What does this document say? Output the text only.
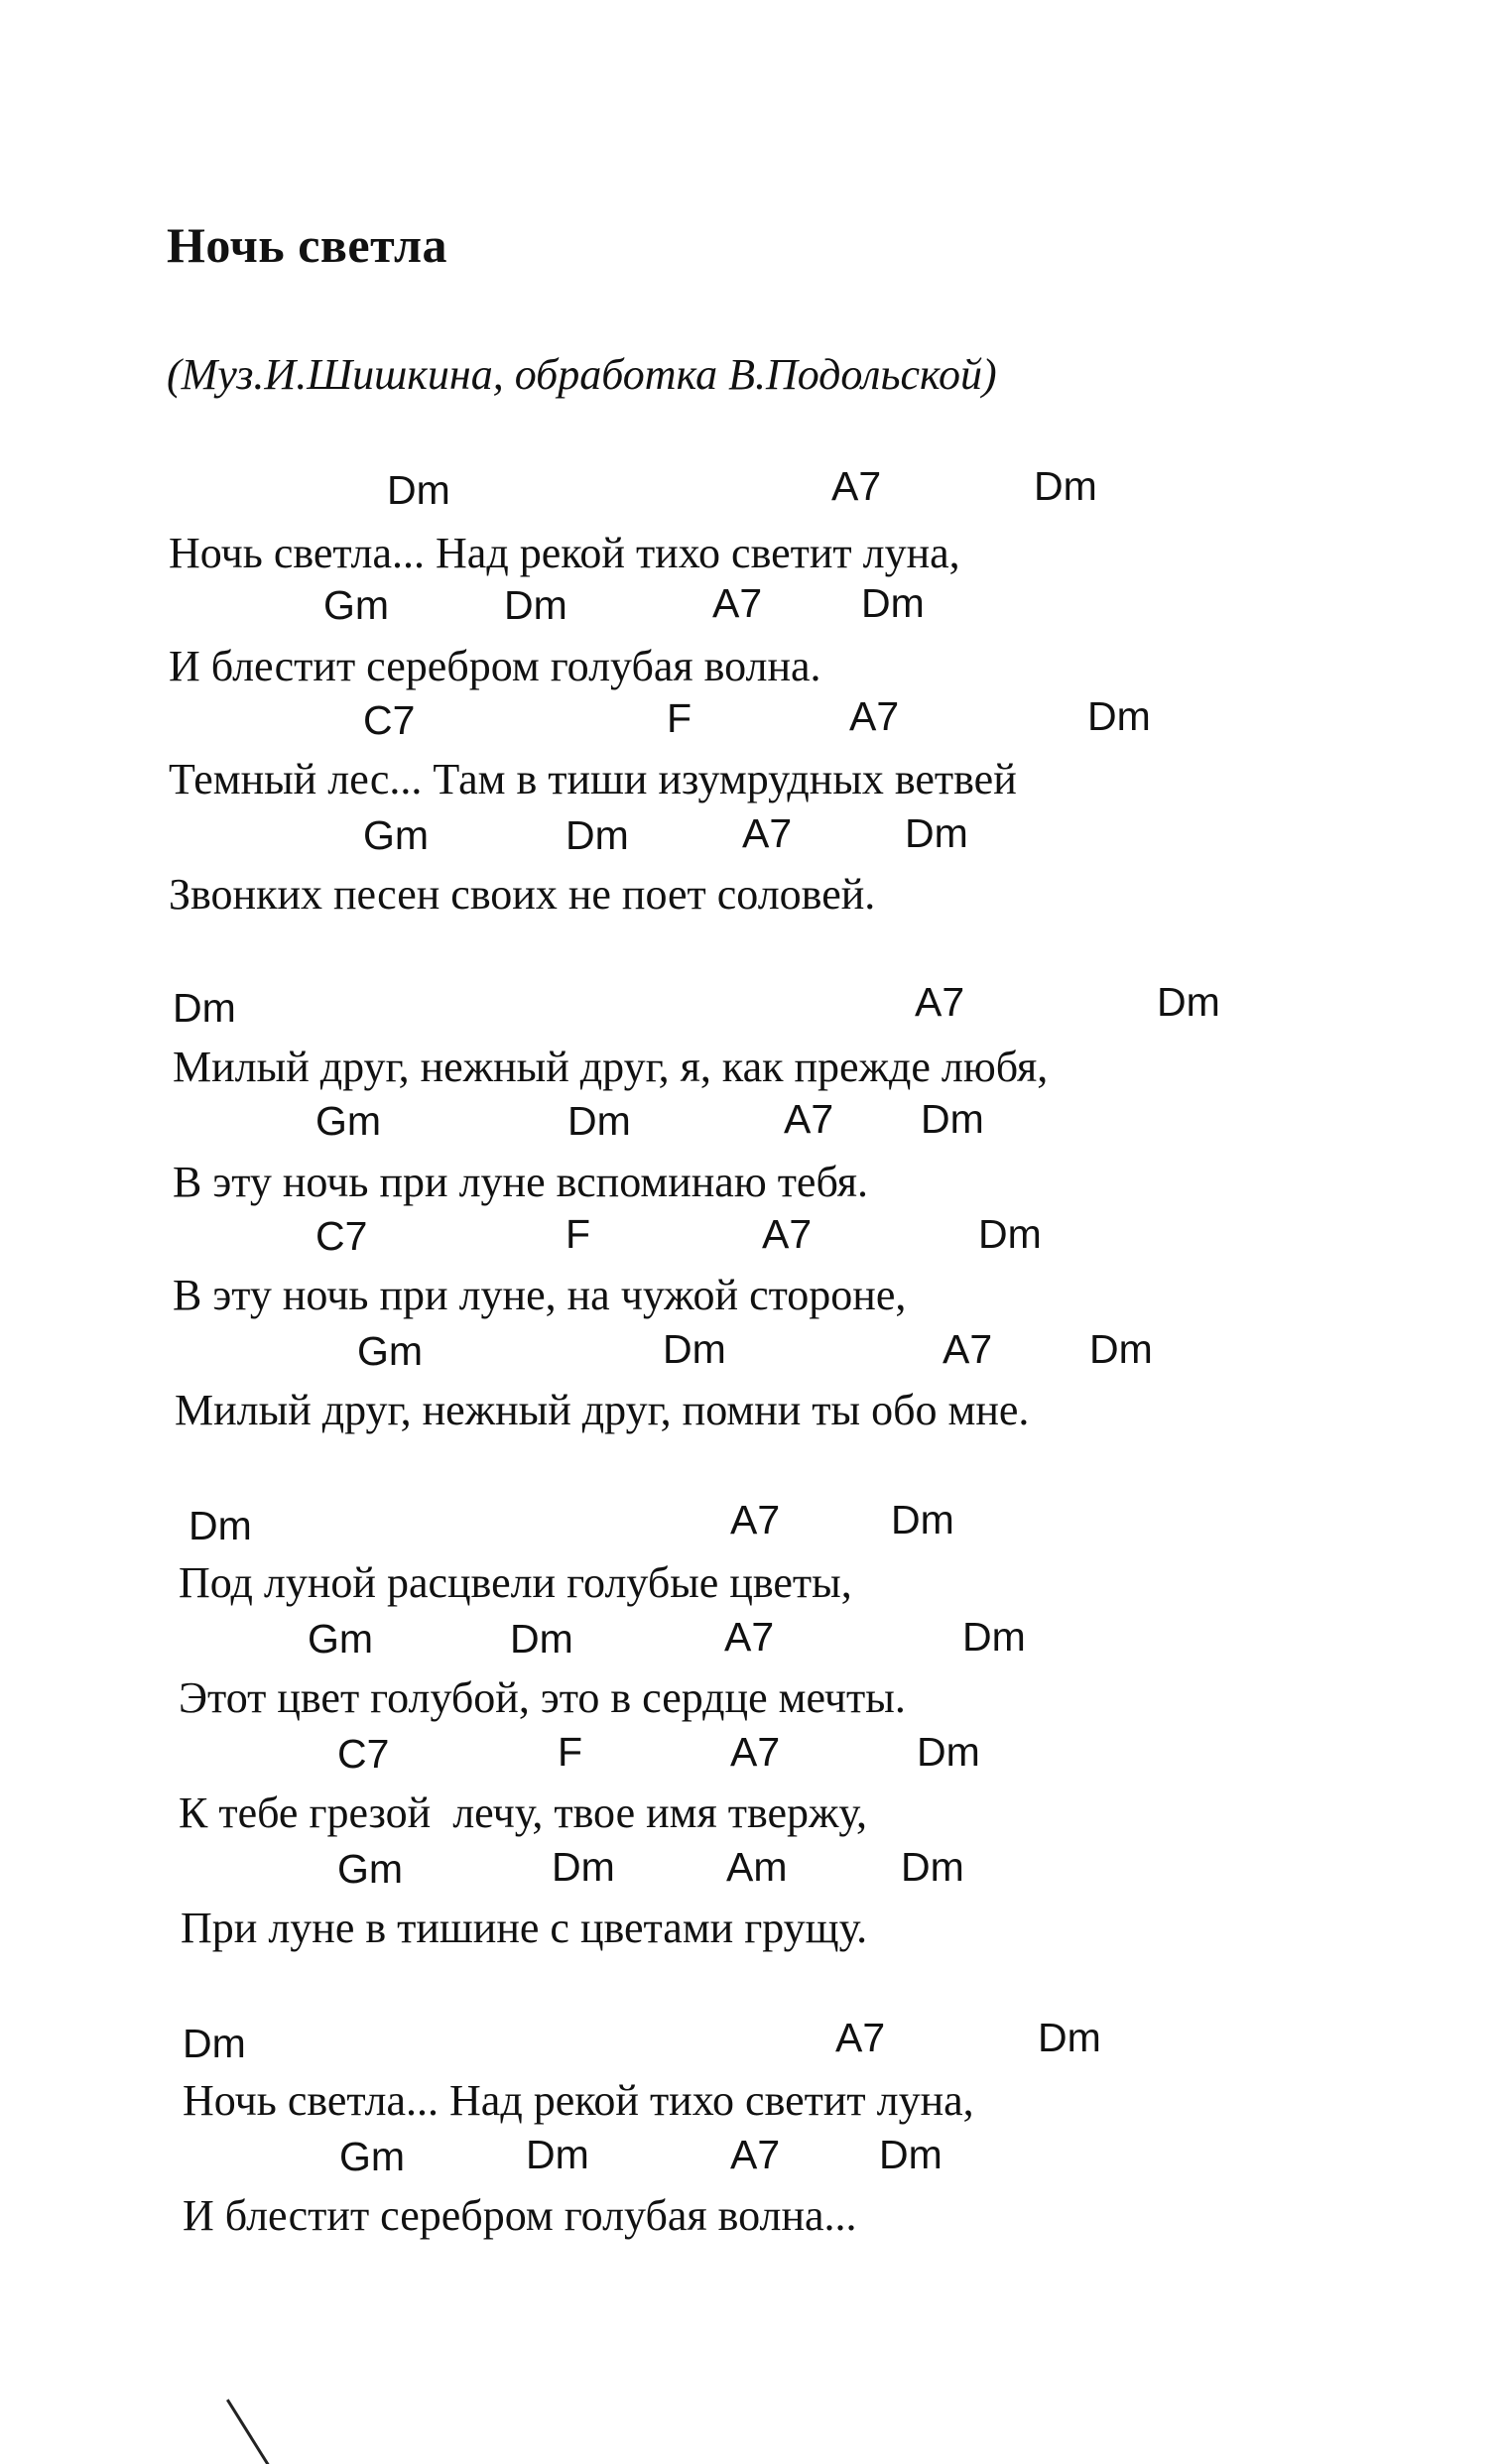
Ночь светла

(Муз.И.Шишкина, обработка В.Подольской)

Dm	A7	Dm
Ночь светла... Над рекой тихо светит луна,
Gm	Dm	A7 Dm
И блестит серебром голубая волна.
C7	F	A7	Dm
Темный лес... Там в тиши изумрудных ветвей
Gm	Dm	A7	Dm
Звонких песен своих не поет соловей.
Dm	A7	Dm
Милый друг, нежный друг, я, как прежде любя,
Gm	Dm	A7 Dm
В эту ночь при луне вспоминаю тебя.
C7	F	A7	Dm
В эту ночь при луне, на чужой стороне,
Gm	Dm	A7 Dm
Милый друг, нежный друг, помни ты обо мне.
Dm	A7	Dm
Под луной расцвели голубые цветы,
Gm	Dm	A7	Dm
Этот цвет голубой, это в сердце мечты.
C7	F	A7	Dm
К тебе грезой  лечу, твое имя твержу,
Gm	Dm	Am	Dm
При луне в тишине с цветами грущу.
Dm	A7	Dm
Ночь светла... Над рекой тихо светит луна,
Gm	Dm	A7 Dm
И блестит серебром голубая волна...
